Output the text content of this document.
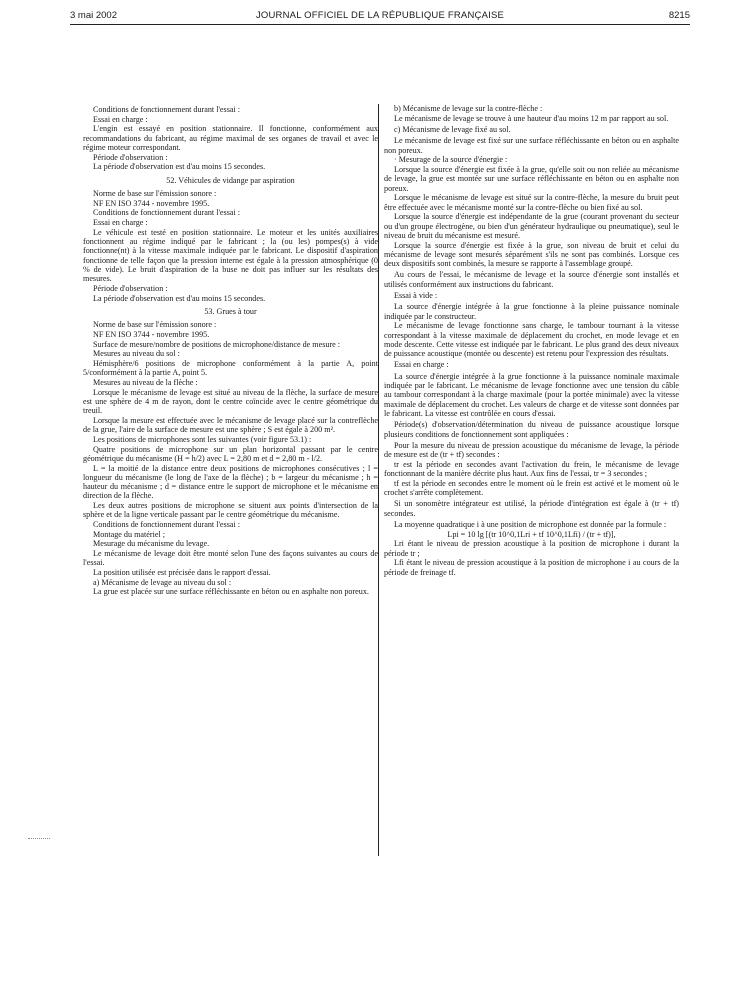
3 mai 2002	JOURNAL OFFICIEL DE LA RÉPUBLIQUE FRANÇAISE	8215

Conditions de fonctionnement durant l'essai :

Essai en charge :

L'engin est essayé en position stationnaire. Il fonctionne, conformément aux recommandations du fabricant, au régime maximal de ses organes de travail et avec le régime moteur correspondant.

Période d'observation :

La période d'observation est d'au moins 15 secondes.

52. Véhicules de vidange par aspiration

Norme de base sur l'émission sonore :

NF EN ISO 3744 - novembre 1995.

Conditions de fonctionnement durant l'essai :

Essai en charge :

Le véhicule est testé en position stationnaire. Le moteur et les unités auxiliaires fonctionnent au régime indiqué par le fabricant ; la (ou les) pompes(s) à vide fonctionne(nt) à la vitesse maximale indiquée par le fabricant. Le dispositif d'aspiration fonctionne de telle façon que la pression interne est égale à la pression atmosphérique (0 % de vide). Le bruit d'aspiration de la buse ne doit pas influer sur les résultats des mesures.

Période d'observation :

La période d'observation est d'au moins 15 secondes.

53. Grues à tour

Norme de base sur l'émission sonore :

NF EN ISO 3744 - novembre 1995.

Surface de mesure/nombre de positions de microphone/distance de mesure :

Mesures au niveau du sol :

Hémisphère/6 positions de microphone conformément à la partie A, point 5/conformément à la partie A, point 5.

Mesures au niveau de la flèche :

Lorsque le mécanisme de levage est situé au niveau de la flèche, la surface de mesure est une sphère de 4 m de rayon, dont le centre coïncide avec le centre géométrique du treuil.

Lorsque la mesure est effectuée avec le mécanisme de levage placé sur la contreflèche de la grue, l'aire de la surface de mesure est une sphère ; S est égale à 200 m².

Les positions de microphones sont les suivantes (voir figure 53.1) :

Quatre positions de microphone sur un plan horizontal passant par le centre géométrique du mécanisme (H = h/2) avec L = 2,80 m et d = 2,80 m - l/2.

L = la moitié de la distance entre deux positions de microphones consécutives ; l = longueur du mécanisme (le long de l'axe de la flèche) ; b = largeur du mécanisme ; h = hauteur du mécanisme ; d = distance entre le support de microphone et le mécanisme en direction de la flèche.

Les deux autres positions de microphone se situent aux points d'intersection de la sphère et de la ligne verticale passant par le centre géométrique du mécanisme.

Conditions de fonctionnement durant l'essai :

Montage du matériel ;

Mesurage du mécanisme du levage.

Le mécanisme de levage doit être monté selon l'une des façons suivantes au cours de l'essai.

La position utilisée est précisée dans le rapport d'essai.

a) Mécanisme de levage au niveau du sol :

La grue est placée sur une surface réfléchissante en béton ou en asphalte non poreux.

b) Mécanisme de levage sur la contre-flèche :

Le mécanisme de levage se trouve à une hauteur d'au moins 12 m par rapport au sol.

c) Mécanisme de levage fixé au sol.

Le mécanisme de levage est fixé sur une surface réfléchissante en béton ou en asphalte non poreux.

· Mesurage de la source d'énergie :

Lorsque la source d'énergie est fixée à la grue, qu'elle soit ou non reliée au mécanisme de levage, la grue est montée sur une surface réfléchissante en béton ou en asphalte non poreux.

Lorsque le mécanisme de levage est situé sur la contre-flèche, la mesure du bruit peut être effectuée avec le mécanisme monté sur la contre-flèche ou bien fixé au sol.

Lorsque la source d'énergie est indépendante de la grue (courant provenant du secteur ou d'un groupe électrogène, ou bien d'un générateur hydraulique ou pneumatique), seul le niveau de bruit du mécanisme est mesuré.

Lorsque la source d'énergie est fixée à la grue, son niveau de bruit et celui du mécanisme de levage sont mesurés séparément s'ils ne sont pas combinés. Lorsque ces deux dispositifs sont combinés, la mesure se rapporte à l'assemblage groupé.

Au cours de l'essai, le mécanisme de levage et la source d'énergie sont installés et utilisés conformément aux instructions du fabricant.

Essai à vide :

La source d'énergie intégrée à la grue fonctionne à la pleine puissance nominale indiquée par le constructeur.

Le mécanisme de levage fonctionne sans charge, le tambour tournant à la vitesse correspondant à la vitesse maximale de déplacement du crochet, en mode levage et en mode descente. Cette vitesse est indiquée par le fabricant. Le plus grand des deux niveaux de puissance acoustique (montée ou descente) est retenu pour l'expression des résultats.

Essai en charge :

La source d'énergie intégrée à la grue fonctionne à la puissance nominale maximale indiquée par le fabricant. Le mécanisme de levage fonctionne avec une tension du câble au tambour correspondant à la charge maximale (pour la portée minimale) avec la vitesse maximale de déplacement du crochet. Les valeurs de charge et de vitesse sont données par le fabricant. La vitesse est contrôlée en cours d'essai.

Période(s) d'observation/détermination du niveau de puissance acoustique lorsque plusieurs conditions de fonctionnement sont appliquées :

Pour la mesure du niveau de pression acoustique du mécanisme de levage, la période de mesure est de (tr + tf) secondes :

tr est la période en secondes avant l'activation du frein, le mécanisme de levage fonctionnant de la manière décrite plus haut. Aux fins de l'essai, tr = 3 secondes ;

tf est la période en secondes entre le moment où le frein est activé et le moment où le crochet s'arrête complètement.

Si un sonomètre intégrateur est utilisé, la période d'intégration est égale à (tr + tf) secondes.

La moyenne quadratique i à une position de microphone est donnée par la formule :

Lpi = 10 lg [(tr 10^0,1Lri + tf 10^0,1Lfi) / (tr + tf)],

Lri étant le niveau de pression acoustique à la position de microphone i durant la période tr ;

Lfi étant le niveau de pression acoustique à la position de microphone i au cours de la période de freinage tf.
